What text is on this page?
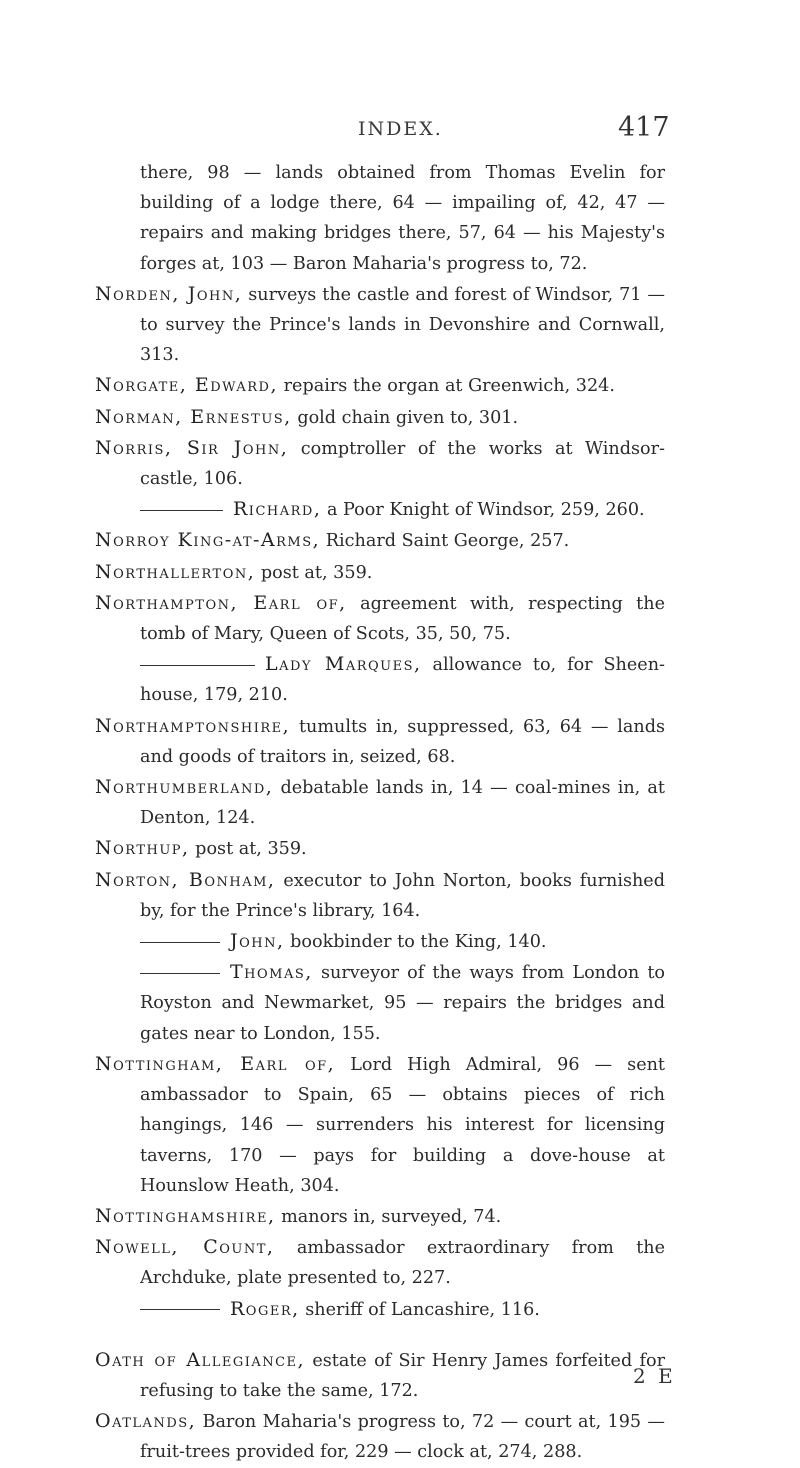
INDEX.	417

there, 98 — lands obtained from Thomas Evelin for building of a lodge there, 64 — impailing of, 42, 47 — repairs and making bridges there, 57, 64 — his Majesty's forges at, 103 — Baron Maharia's progress to, 72.

Norden, John, surveys the castle and forest of Windsor, 71 — to survey the Prince's lands in Devonshire and Cornwall, 313.

Norgate, Edward, repairs the organ at Greenwich, 324.

Norman, Ernestus, gold chain given to, 301.

Norris, Sir John, comptroller of the works at Windsor-castle, 106.

Richard, a Poor Knight of Windsor, 259, 260.

Norroy King-at-Arms, Richard Saint George, 257.

Northallerton, post at, 359.

Northampton, Earl of, agreement with, respecting the tomb of Mary, Queen of Scots, 35, 50, 75.

Lady Marques, allowance to, for Sheen-house, 179, 210.

Northamptonshire, tumults in, suppressed, 63, 64 — lands and goods of traitors in, seized, 68.

Northumberland, debatable lands in, 14 — coal-mines in, at Denton, 124.

Northup, post at, 359.

Norton, Bonham, executor to John Norton, books furnished by, for the Prince's library, 164.

John, bookbinder to the King, 140.

Thomas, surveyor of the ways from London to Royston and Newmarket, 95 — repairs the bridges and gates near to London, 155.

Nottingham, Earl of, Lord High Admiral, 96 — sent ambassador to Spain, 65 — obtains pieces of rich hangings, 146 — surrenders his interest for licensing taverns, 170 — pays for building a dove-house at Hounslow Heath, 304.

Nottinghamshire, manors in, surveyed, 74.

Nowell, Count, ambassador extraordinary from the Archduke, plate presented to, 227.

Roger, sheriff of Lancashire, 116.

Oath of Allegiance, estate of Sir Henry James forfeited for refusing to take the same, 172.

Oatlands, Baron Maharia's progress to, 72 — court at, 195 — fruit-trees provided for, 229 — clock at, 274, 288.

2 E
